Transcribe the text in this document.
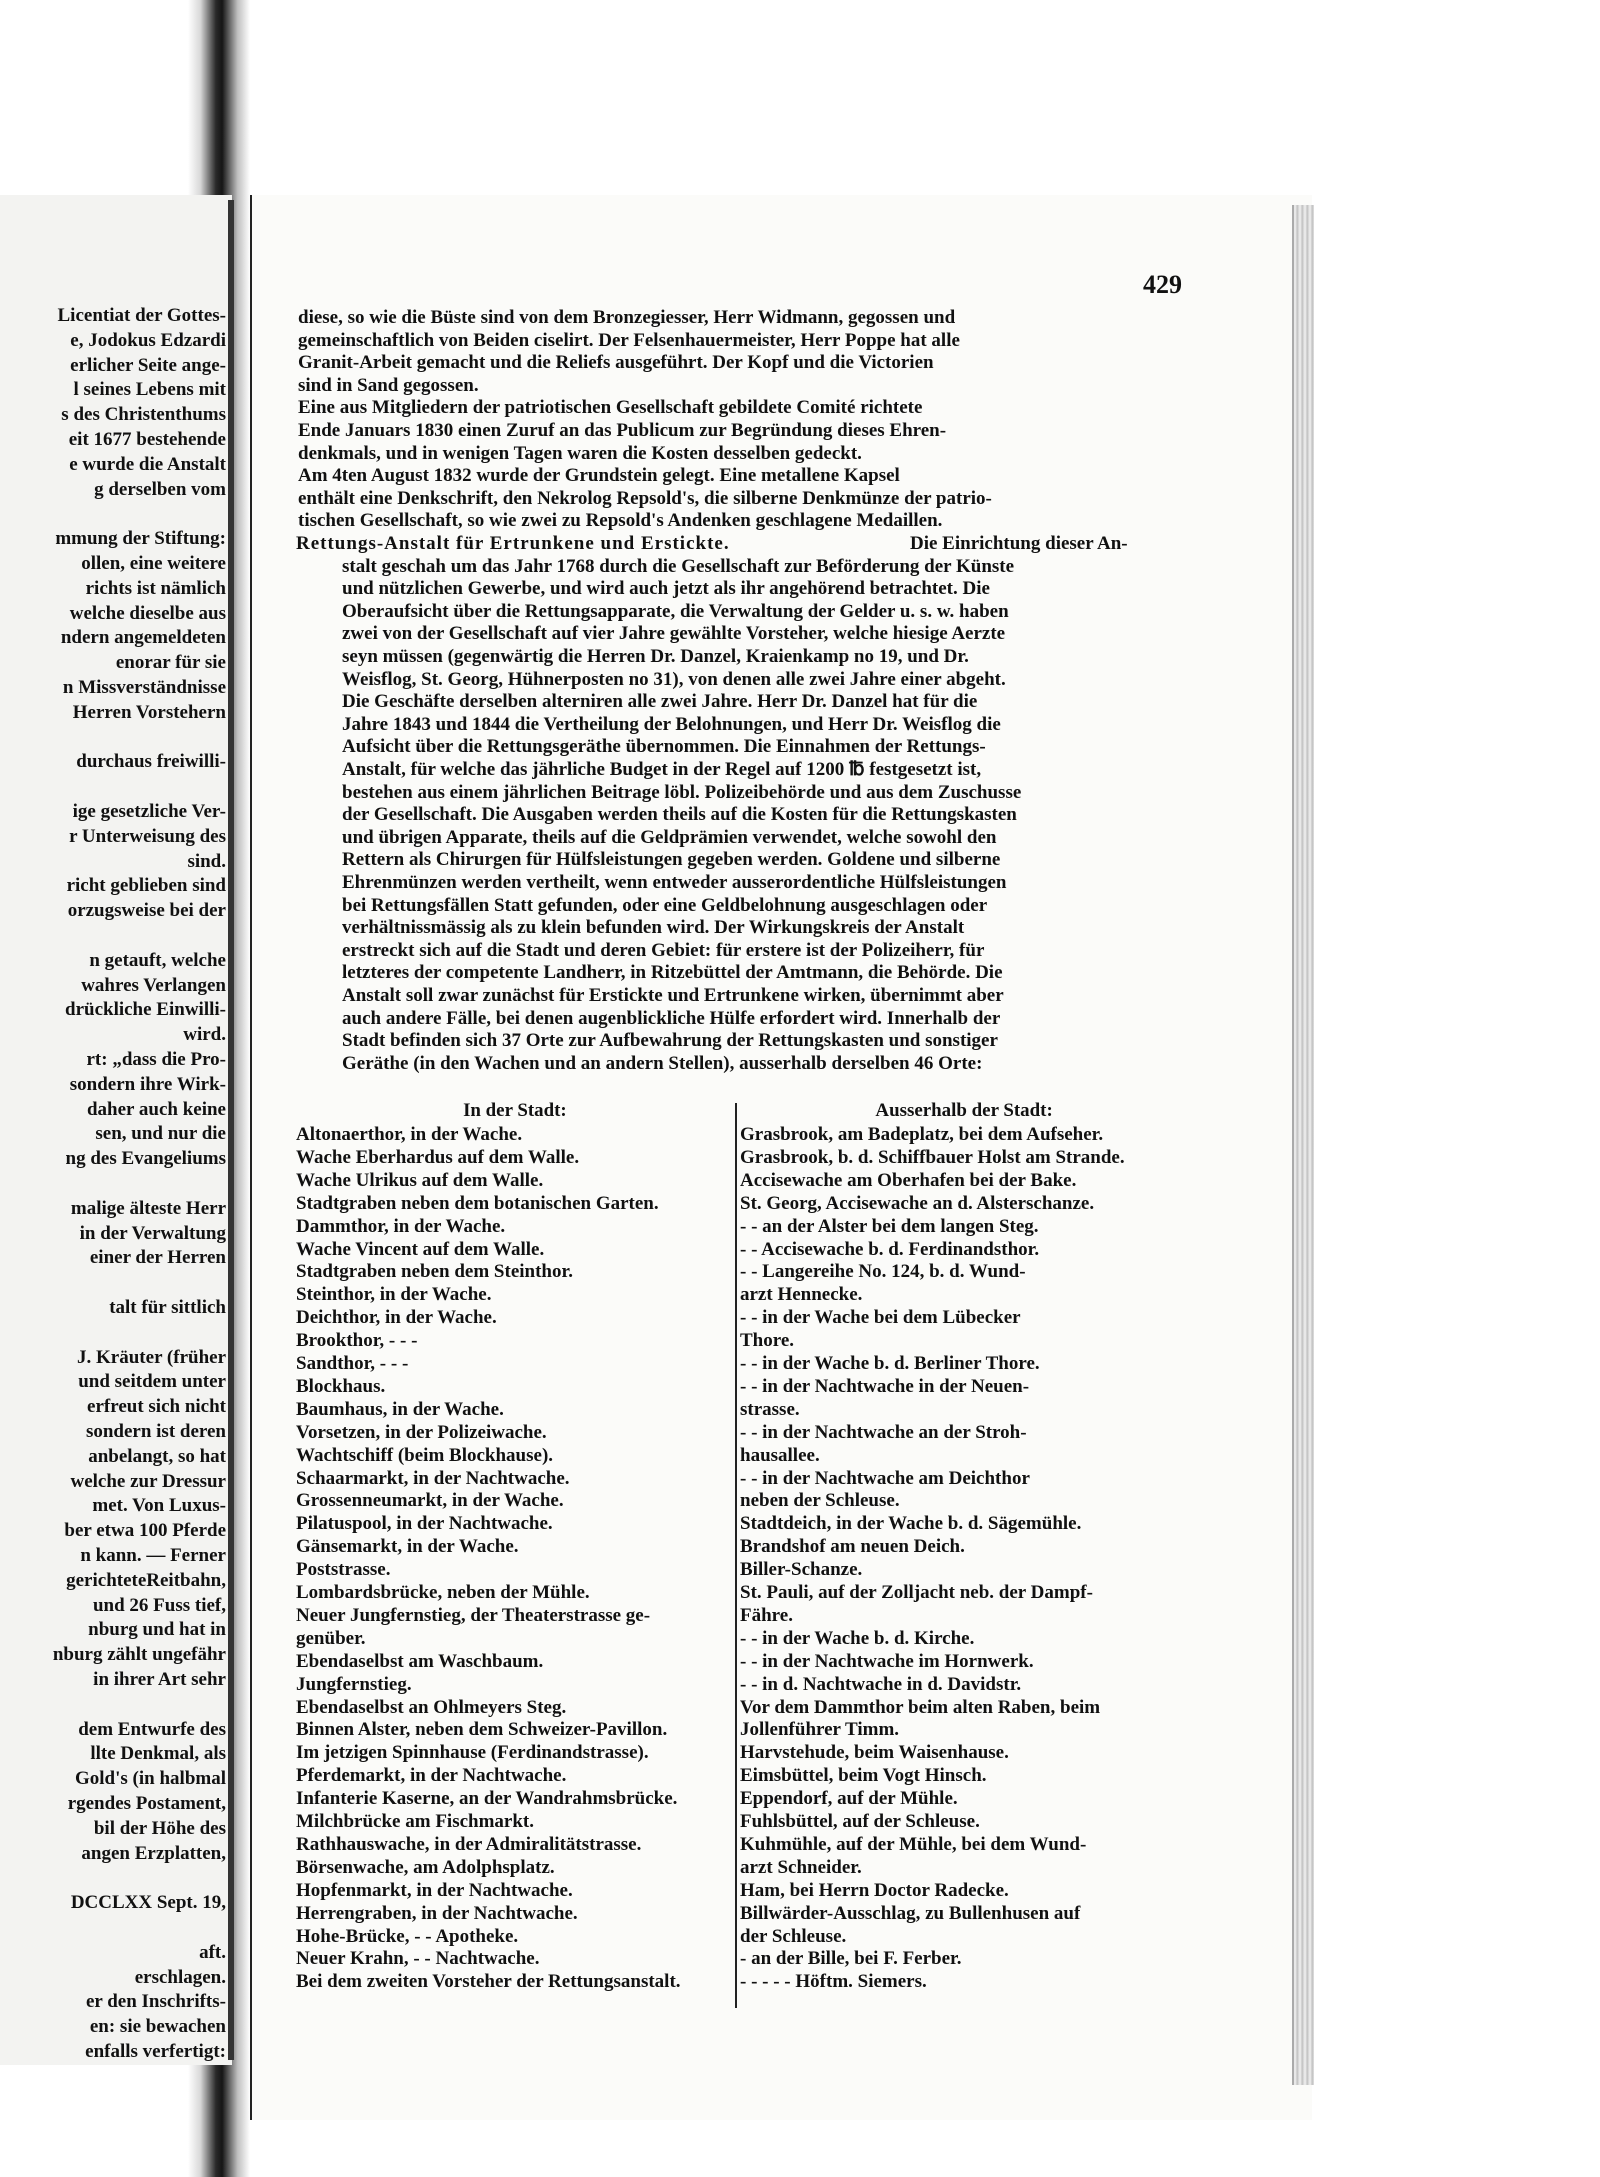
Licentiat der Gottes-
e, Jodokus Edzardi
erlicher Seite ange-
l seines Lebens mit
s des Christenthums
eit 1677 bestehende
e wurde die Anstalt
g derselben vom
mmung der Stiftung:
ollen, eine weitere
richts ist nämlich
welche dieselbe aus
ndern angemeldeten
enorar für sie
n Missverständnisse
Herren Vorstehern
durchaus freiwilli-
ige gesetzliche Ver-
r Unterweisung des
sind.
richt geblieben sind
orzugsweise bei der
n getauft, welche
wahres Verlangen
drückliche Einwilli-
wird.
rt: „dass die Pro-
sondern ihre Wirk-
daher auch keine
sen, und nur die
ng des Evangeliums
malige älteste Herr
in der Verwaltung
einer der Herren
talt für sittlich
J. Kräuter (früher
und seitdem unter
erfreut sich nicht
sondern ist deren
anbelangt, so hat
welche zur Dressur
met. Von Luxus-
ber etwa 100 Pferde
n kann. — Ferner
gerichteteReitbahn,
und 26 Fuss tief,
nburg und hat in
nburg zählt ungefähr
in ihrer Art sehr
dem Entwurfe des
llte Denkmal, als
Gold's (in halbmal
rgendes Postament,
bil der Höhe des
angen Erzplatten,
DCCLXX Sept. 19,
aft.
erschlagen.
er den Inschrifts-
en: sie bewachen
enfalls verfertigt:
429
diese, so wie die Büste sind von dem Bronzegiesser, Herr Widmann, gegossen und
gemeinschaftlich von Beiden ciselirt. Der Felsenhauermeister, Herr Poppe hat alle
Granit-Arbeit gemacht und die Reliefs ausgeführt. Der Kopf und die Victorien
sind in Sand gegossen.
Eine aus Mitgliedern der patriotischen Gesellschaft gebildete Comité richtete
Ende Januars 1830 einen Zuruf an das Publicum zur Begründung dieses Ehren-
denkmals, und in wenigen Tagen waren die Kosten desselben gedeckt.
Am 4ten August 1832 wurde der Grundstein gelegt. Eine metallene Kapsel
enthält eine Denkschrift, den Nekrolog Repsold's, die silberne Denkmünze der patrio-
tischen Gesellschaft, so wie zwei zu Repsold's Andenken geschlagene Medaillen.
Rettungs-Anstalt für Ertrunkene und Erstickte.	Die Einrichtung dieser An-
stalt geschah um das Jahr 1768 durch die Gesellschaft zur Beförderung der Künste
und nützlichen Gewerbe, und wird auch jetzt als ihr angehörend betrachtet. Die
Oberaufsicht über die Rettungsapparate, die Verwaltung der Gelder u. s. w. haben
zwei von der Gesellschaft auf vier Jahre gewählte Vorsteher, welche hiesige Aerzte
seyn müssen (gegenwärtig die Herren Dr. Danzel, Kraienkamp no 19, und Dr.
Weisflog, St. Georg, Hühnerposten no 31), von denen alle zwei Jahre einer abgeht.
Die Geschäfte derselben alterniren alle zwei Jahre. Herr Dr. Danzel hat für die
Jahre 1843 und 1844 die Vertheilung der Belohnungen, und Herr Dr. Weisflog die
Aufsicht über die Rettungsgeräthe übernommen. Die Einnahmen der Rettungs-
Anstalt, für welche das jährliche Budget in der Regel auf 1200 ℔ festgesetzt ist,
bestehen aus einem jährlichen Beitrage löbl. Polizeibehörde und aus dem Zuschusse
der Gesellschaft. Die Ausgaben werden theils auf die Kosten für die Rettungskasten
und übrigen Apparate, theils auf die Geldprämien verwendet, welche sowohl den
Rettern als Chirurgen für Hülfsleistungen gegeben werden. Goldene und silberne
Ehrenmünzen werden vertheilt, wenn entweder ausserordentliche Hülfsleistungen
bei Rettungsfällen Statt gefunden, oder eine Geldbelohnung ausgeschlagen oder
verhältnissmässig als zu klein befunden wird. Der Wirkungskreis der Anstalt
erstreckt sich auf die Stadt und deren Gebiet: für erstere ist der Polizeiherr, für
letzteres der competente Landherr, in Ritzebüttel der Amtmann, die Behörde. Die
Anstalt soll zwar zunächst für Erstickte und Ertrunkene wirken, übernimmt aber
auch andere Fälle, bei denen augenblickliche Hülfe erfordert wird. Innerhalb der
Stadt befinden sich 37 Orte zur Aufbewahrung der Rettungskasten und sonstiger
Geräthe (in den Wachen und an andern Stellen), ausserhalb derselben 46 Orte:
In der Stadt:
Altonaerthor, in der Wache.
Wache Eberhardus auf dem Walle.
Wache Ulrikus auf dem Walle.
Stadtgraben neben dem botanischen Garten.
Dammthor, in der Wache.
Wache Vincent auf dem Walle.
Stadtgraben neben dem Steinthor.
Steinthor, in der Wache.
Deichthor, in der Wache.
Brookthor, - - -
Sandthor, - - -
Blockhaus.
Baumhaus, in der Wache.
Vorsetzen, in der Polizeiwache.
Wachtschiff (beim Blockhause).
Schaarmarkt, in der Nachtwache.
Grossenneumarkt, in der Wache.
Pilatuspool, in der Nachtwache.
Gänsemarkt, in der Wache.
Poststrasse.
Lombardsbrücke, neben der Mühle.
Neuer Jungfernstieg, der Theaterstrasse ge-
genüber.
Ebendaselbst am Waschbaum.
Jungfernstieg.
Ebendaselbst an Ohlmeyers Steg.
Binnen Alster, neben dem Schweizer-Pavillon.
Im jetzigen Spinnhause (Ferdinandstrasse).
Pferdemarkt, in der Nachtwache.
Infanterie Kaserne, an der Wandrahmsbrücke.
Milchbrücke am Fischmarkt.
Rathhauswache, in der Admiralitätstrasse.
Börsenwache, am Adolphsplatz.
Hopfenmarkt, in der Nachtwache.
Herrengraben, in der Nachtwache.
Hohe-Brücke, - - Apotheke.
Neuer Krahn, - - Nachtwache.
Bei dem zweiten Vorsteher der Rettungsanstalt.
Ausserhalb der Stadt:
Grasbrook, am Badeplatz, bei dem Aufseher.
Grasbrook, b. d. Schiffbauer Holst am Strande.
Accisewache am Oberhafen bei der Bake.
St. Georg, Accisewache an d. Alsterschanze.
- - an der Alster bei dem langen Steg.
- - Accisewache b. d. Ferdinandsthor.
- - Langereihe No. 124, b. d. Wund-
arzt Hennecke.
- - in der Wache bei dem Lübecker
Thore.
- - in der Wache b. d. Berliner Thore.
- - in der Nachtwache in der Neuen-
strasse.
- - in der Nachtwache an der Stroh-
hausallee.
- - in der Nachtwache am Deichthor
neben der Schleuse.
Stadtdeich, in der Wache b. d. Sägemühle.
Brandshof am neuen Deich.
Biller-Schanze.
St. Pauli, auf der Zolljacht neb. der Dampf-
Fähre.
- - in der Wache b. d. Kirche.
- - in der Nachtwache im Hornwerk.
- - in d. Nachtwache in d. Davidstr.
Vor dem Dammthor beim alten Raben, beim
Jollenführer Timm.
Harvstehude, beim Waisenhause.
Eimsbüttel, beim Vogt Hinsch.
Eppendorf, auf der Mühle.
Fuhlsbüttel, auf der Schleuse.
Kuhmühle, auf der Mühle, bei dem Wund-
arzt Schneider.
Ham, bei Herrn Doctor Radecke.
Billwärder-Ausschlag, zu Bullenhusen auf
der Schleuse.
- an der Bille, bei F. Ferber.
- - - - - Höftm. Siemers.
